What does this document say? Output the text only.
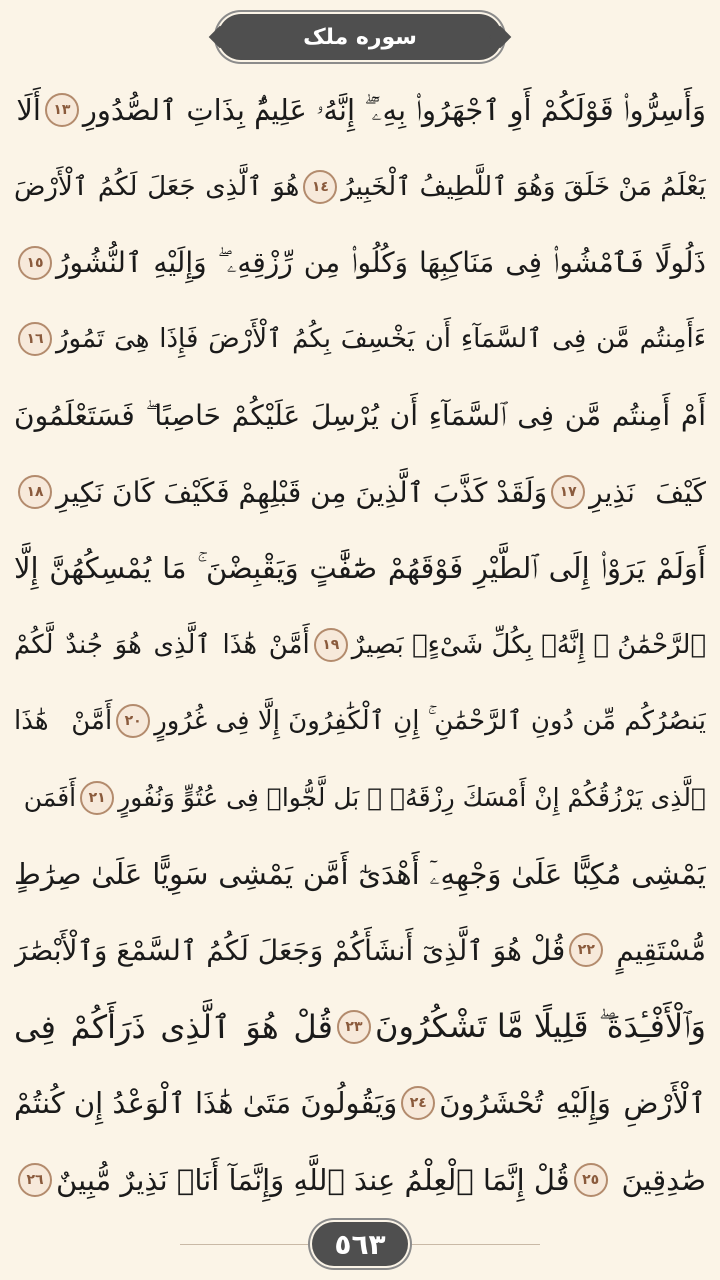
سوره ملک
وَأَسِرُّوا۟ قَوْلَكُمْ أَوِ ٱجْهَرُوا۟ بِهِۦٓ ۖ إِنَّهُۥ عَلِيمٌۢ بِذَاتِ ٱلصُّدُورِ
١٣
أَلَا
يَعْلَمُ مَنْ خَلَقَ وَهُوَ ٱللَّطِيفُ ٱلْخَبِيرُ
١٤
هُوَ ٱلَّذِى جَعَلَ لَكُمُ ٱلْأَرْضَ
ذَلُولًا فَٱمْشُوا۟ فِى مَنَاكِبِهَا وَكُلُوا۟ مِن رِّزْقِهِۦ ۖ وَإِلَيْهِ ٱلنُّشُورُ
١٥
ءَأَمِنتُم مَّن فِى ٱلسَّمَآءِ أَن يَخْسِفَ بِكُمُ ٱلْأَرْضَ فَإِذَا هِىَ تَمُورُ
١٦
أَمْ أَمِنتُم مَّن فِى ٱلسَّمَآءِ أَن يُرْسِلَ عَلَيْكُمْ حَاصِبًا ۖ فَسَتَعْلَمُونَ
كَيْفَ نَذِيرِ
١٧
وَلَقَدْ كَذَّبَ ٱلَّذِينَ مِن قَبْلِهِمْ فَكَيْفَ كَانَ نَكِيرِ
١٨
أَوَلَمْ يَرَوْا۟ إِلَى ٱلطَّيْرِ فَوْقَهُمْ صَٰٓفَّٰتٍ وَيَقْبِضْنَ ۚ مَا يُمْسِكُهُنَّ إِلَّا
ٱلرَّحْمَٰنُ ۚ إِنَّهُۥ بِكُلِّ شَىْءٍۭ بَصِيرٌ
١٩
أَمَّنْ هَٰذَا ٱلَّذِى هُوَ جُندٌ لَّكُمْ
يَنصُرُكُم مِّن دُونِ ٱلرَّحْمَٰنِ ۚ إِنِ ٱلْكَٰفِرُونَ إِلَّا فِى غُرُورٍ
٢٠
أَمَّنْ هَٰذَا
ٱلَّذِى يَرْزُقُكُمْ إِنْ أَمْسَكَ رِزْقَهُۥ ۚ بَل لَّجُّوا۟ فِى عُتُوٍّ وَنُفُورٍ
٢١
أَفَمَن
يَمْشِى مُكِبًّا عَلَىٰ وَجْهِهِۦٓ أَهْدَىٰٓ أَمَّن يَمْشِى سَوِيًّا عَلَىٰ صِرَٰطٍ
مُّسْتَقِيمٍ
٢٢
قُلْ هُوَ ٱلَّذِىٓ أَنشَأَكُمْ وَجَعَلَ لَكُمُ ٱلسَّمْعَ وَٱلْأَبْصَٰرَ
وَٱلْأَفْـِٔدَةَ ۖ قَلِيلًا مَّا تَشْكُرُونَ
٢٣
قُلْ هُوَ ٱلَّذِى ذَرَأَكُمْ فِى
ٱلْأَرْضِ وَإِلَيْهِ تُحْشَرُونَ
٢٤
وَيَقُولُونَ مَتَىٰ هَٰذَا ٱلْوَعْدُ إِن كُنتُمْ
صَٰدِقِينَ
٢٥
قُلْ إِنَّمَا ٱلْعِلْمُ عِندَ ٱللَّهِ وَإِنَّمَآ أَنَا۠ نَذِيرٌ مُّبِينٌ
٢٦
٥٦٣
